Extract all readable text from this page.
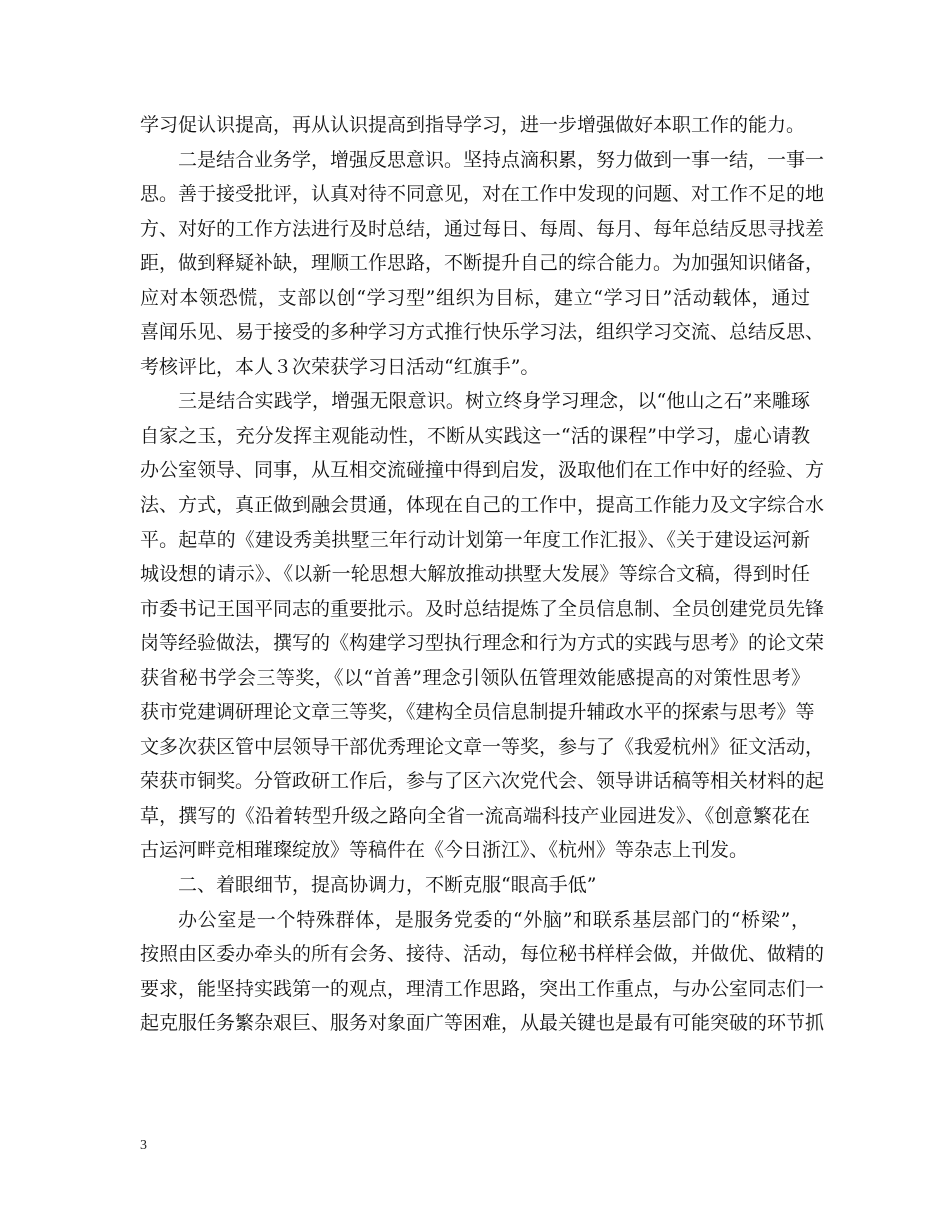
学习促认识提高，再从认识提高到指导学习，进一步增强做好本职工作的能力。
二是结合业务学，增强反思意识。坚持点滴积累，努力做到一事一结，一事一
思。善于接受批评，认真对待不同意见，对在工作中发现的问题、对工作不足的地
方、对好的工作方法进行及时总结，通过每日、每周、每月、每年总结反思寻找差
距，做到释疑补缺，理顺工作思路，不断提升自己的综合能力。为加强知识储备，
应对本领恐慌，支部以创“学习型”组织为目标，建立“学习日”活动载体，通过
喜闻乐见、易于接受的多种学习方式推行快乐学习法，组织学习交流、总结反思、
考核评比，本人３次荣获学习日活动“红旗手”。
三是结合实践学，增强无限意识。树立终身学习理念，以“他山之石”来雕琢
自家之玉，充分发挥主观能动性，不断从实践这一“活的课程”中学习，虚心请教
办公室领导、同事，从互相交流碰撞中得到启发，汲取他们在工作中好的经验、方
法、方式，真正做到融会贯通，体现在自己的工作中，提高工作能力及文字综合水
平。起草的《建设秀美拱墅三年行动计划第一年度工作汇报》、《关于建设运河新
城设想的请示》、《以新一轮思想大解放推动拱墅大发展》等综合文稿，得到时任
市委书记王国平同志的重要批示。及时总结提炼了全员信息制、全员创建党员先锋
岗等经验做法，撰写的《构建学习型执行理念和行为方式的实践与思考》的论文荣
获省秘书学会三等奖，《以“首善”理念引领队伍管理效能感提高的对策性思考》
获市党建调研理论文章三等奖，《建构全员信息制提升辅政水平的探索与思考》等
文多次获区管中层领导干部优秀理论文章一等奖，参与了《我爱杭州》征文活动，
荣获市铜奖。分管政研工作后，参与了区六次党代会、领导讲话稿等相关材料的起
草，撰写的《沿着转型升级之路向全省一流高端科技产业园进发》、《创意繁花在
古运河畔竞相璀璨绽放》等稿件在《今日浙江》、《杭州》等杂志上刊发。
二、着眼细节，提高协调力，不断克服“眼高手低”
办公室是一个特殊群体，是服务党委的“外脑”和联系基层部门的“桥梁”，
按照由区委办牵头的所有会务、接待、活动，每位秘书样样会做，并做优、做精的
要求，能坚持实践第一的观点，理清工作思路，突出工作重点，与办公室同志们一
起克服任务繁杂艰巨、服务对象面广等困难，从最关键也是最有可能突破的环节抓
3
